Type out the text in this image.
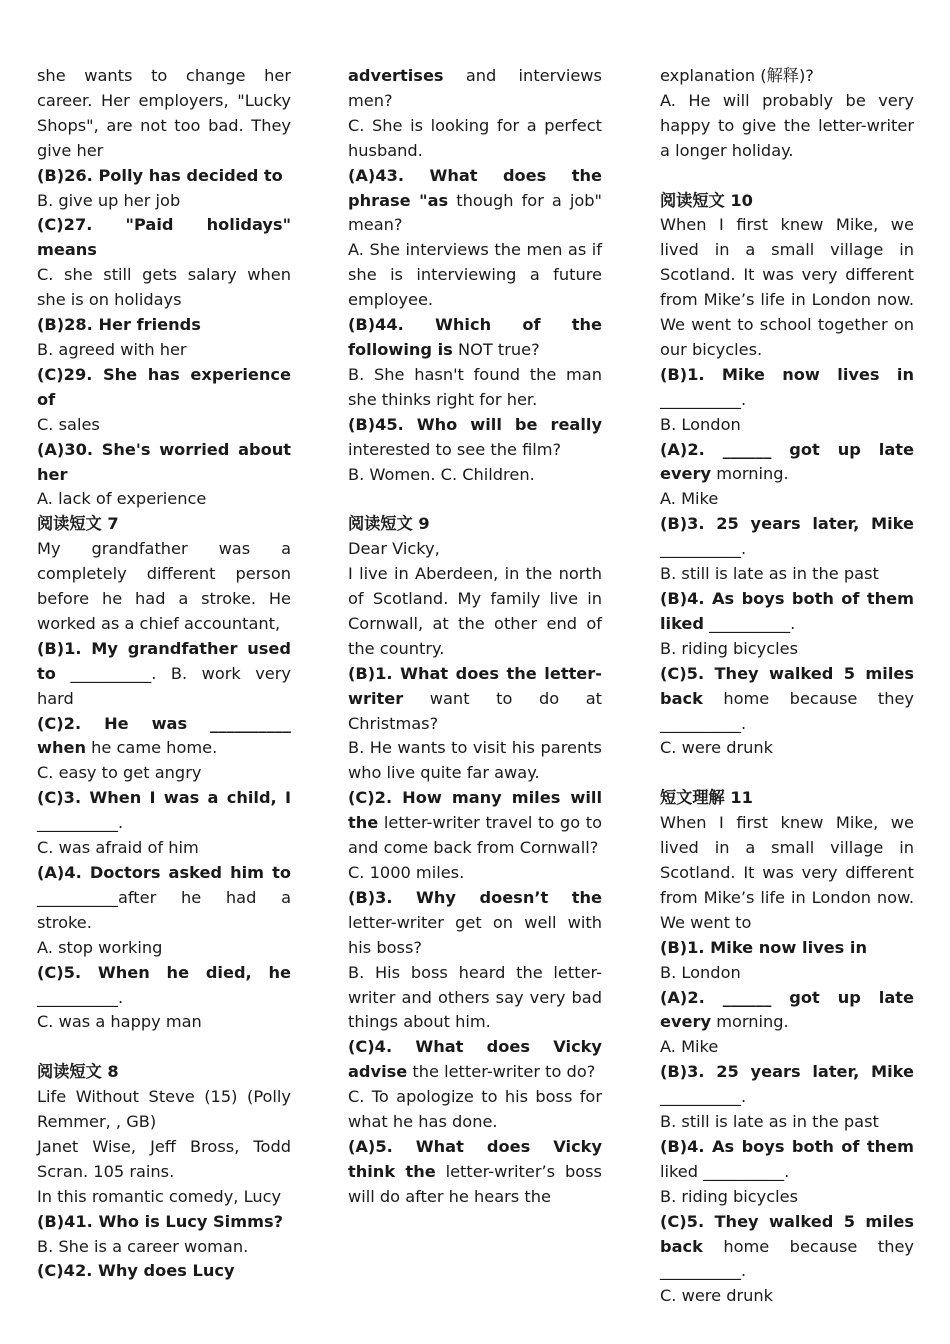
she wants to change her career. Her employers, "Lucky Shops", are not too bad. They give her

(B)26. Polly has decided to

B. give up her job

(C)27. "Paid holidays" means

C. she still gets salary when she is on holidays

(B)28. Her friends

B. agreed with her

(C)29. She has experience of

C. sales

(A)30. She's worried about her

A. lack of experience

阅读短文 7

My grandfather was a completely different person before he had a stroke. He worked as a chief accountant,

(B)1. My grandfather used to __________. B. work very hard

(C)2. He was __________ when he came home.

C. easy to get angry

(C)3. When I was a child, I __________.

C. was afraid of him

(A)4. Doctors asked him to __________after he had a stroke.

A. stop working

(C)5. When he died, he __________.

C. was a happy man

阅读短文 8

Life Without Steve (15) (Polly Remmer, , GB)

Janet Wise, Jeff Bross, Todd Scran. 105 rains.

In this romantic comedy, Lucy

(B)41. Who is Lucy Simms?

B. She is a career woman.

(C)42. Why does Lucy

advertises and interviews men?

C. She is looking for a perfect husband.

(A)43. What does the phrase "as though for a job" mean?

A. She interviews the men as if she is interviewing a future employee.

(B)44. Which of the following is NOT true?

B. She hasn't found the man she thinks right for her.

(B)45. Who will be really interested to see the film?

B. Women. C. Children.

阅读短文 9

Dear Vicky,

I live in Aberdeen, in the north of Scotland. My family live in Cornwall, at the other end of the country.

(B)1. What does the letter-writer want to do at Christmas?

B. He wants to visit his parents who live quite far away.

(C)2. How many miles will the letter-writer travel to go to and come back from Cornwall?

C. 1000 miles.

(B)3. Why doesn’t the letter-writer get on well with his boss?

B. His boss heard the letter-writer and others say very bad things about him.

(C)4. What does Vicky advise the letter-writer to do?

C. To apologize to his boss for what he has done.

(A)5. What does Vicky think the letter-writer’s boss will do after he hears the

explanation (解释)?

A. He will probably be very happy to give the letter-writer a longer holiday.

阅读短文 10

When I first knew Mike, we lived in a small village in Scotland. It was very different from Mike’s life in London now. We went to school together on our bicycles.

(B)1. Mike now lives in __________.

B. London

(A)2. ______ got up late every morning.

A. Mike

(B)3. 25 years later, Mike __________.

B. still is late as in the past

(B)4. As boys both of them liked __________.

B. riding bicycles

(C)5. They walked 5 miles back home because they __________.

C. were drunk

短文理解 11

When I first knew Mike, we lived in a small village in Scotland. It was very different from Mike’s life in London now. We went to

(B)1. Mike now lives in

B. London

(A)2. ______ got up late every morning.

A. Mike

(B)3. 25 years later, Mike __________.

B. still is late as in the past

(B)4. As boys both of them liked __________.

B. riding bicycles

(C)5. They walked 5 miles back home because they __________.

C. were drunk
